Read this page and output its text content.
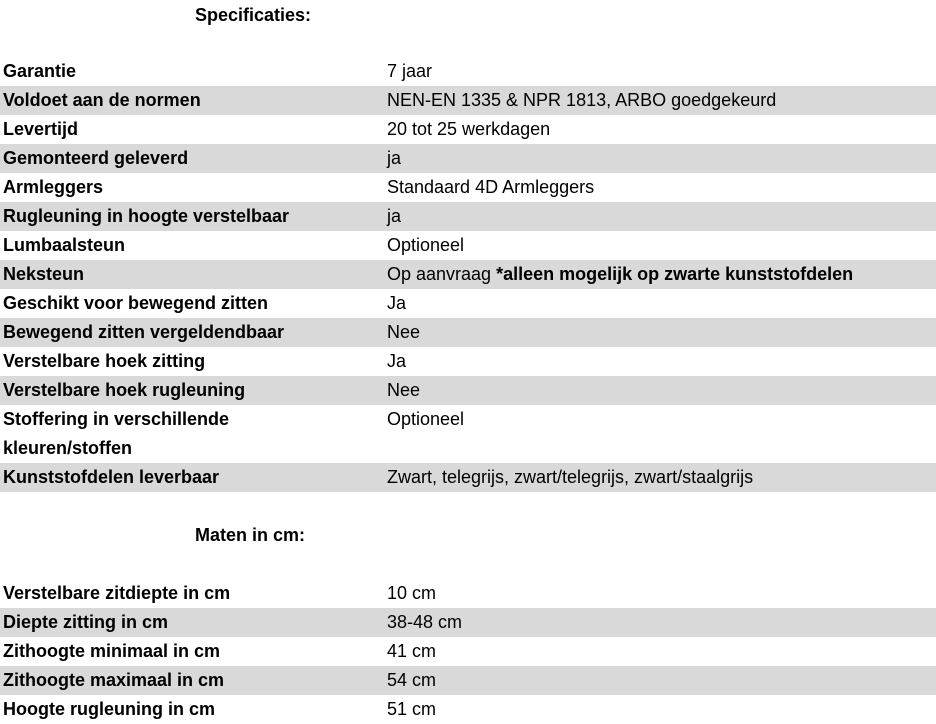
Specificaties:
Garantie	7 jaar
Voldoet aan de normen	NEN-EN 1335 & NPR 1813, ARBO goedgekeurd
Levertijd	20 tot 25 werkdagen
Gemonteerd geleverd	ja
Armleggers	Standaard 4D Armleggers
Rugleuning in hoogte verstelbaar	ja
Lumbaalsteun	Optioneel
Neksteun	Op aanvraag *alleen mogelijk op zwarte kunststofdelen
Geschikt voor bewegend zitten	Ja
Bewegend zitten vergeldendbaar	Nee
Verstelbare hoek zitting	Ja
Verstelbare hoek rugleuning	Nee
Stoffering in verschillende kleuren/stoffen	Optioneel
Kunststofdelen leverbaar	Zwart, telegrijs, zwart/telegrijs, zwart/staalgrijs
Maten in cm:
Verstelbare zitdiepte in cm	10 cm
Diepte zitting in cm	38-48 cm
Zithoogte minimaal in cm	41 cm
Zithoogte maximaal in cm	54 cm
Hoogte rugleuning in cm	51 cm
